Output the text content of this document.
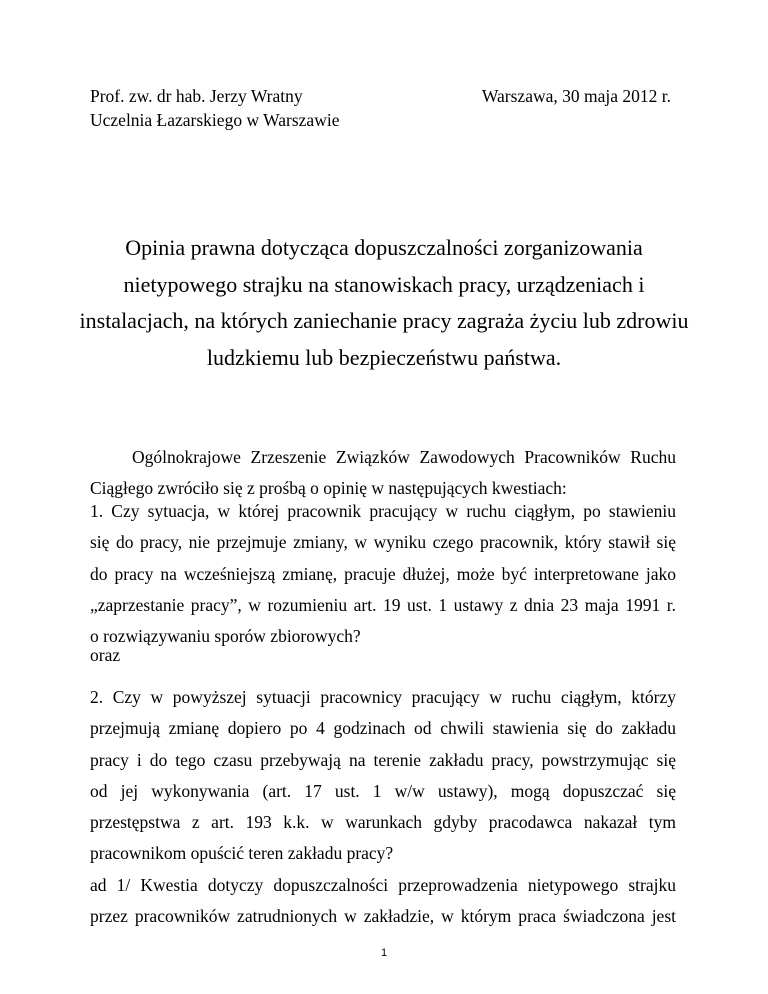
Prof. zw. dr hab. Jerzy Wratny	Warszawa, 30 maja 2012 r.
Uczelnia Łazarskiego w Warszawie
Opinia prawna dotycząca dopuszczalności zorganizowania
nietypowego strajku na stanowiskach pracy, urządzeniach i
instalacjach, na których zaniechanie pracy zagraża życiu lub zdrowiu
ludzkiemu lub bezpieczeństwu państwa.
Ogólnokrajowe Zrzeszenie Związków Zawodowych Pracowników Ruchu
Ciągłego zwróciło się z prośbą o opinię w następujących kwestiach:
1. Czy sytuacja, w której pracownik pracujący w ruchu ciągłym, po stawieniu
się do pracy, nie przejmuje zmiany, w wyniku czego pracownik, który stawił się
do pracy na wcześniejszą zmianę, pracuje dłużej, może być interpretowane jako
„zaprzestanie pracy”, w rozumieniu art. 19 ust. 1 ustawy z dnia 23 maja 1991 r.
o rozwiązywaniu sporów zbiorowych?
oraz
2. Czy w powyższej sytuacji pracownicy pracujący w ruchu ciągłym, którzy
przejmują zmianę dopiero po 4 godzinach od chwili stawienia się do zakładu
pracy i do tego czasu przebywają na terenie zakładu pracy, powstrzymując się
od jej wykonywania (art. 17 ust. 1 w/w ustawy), mogą dopuszczać się
przestępstwa z art. 193 k.k. w warunkach gdyby pracodawca nakazał tym
pracownikom opuścić teren zakładu pracy?
ad 1/ Kwestia dotyczy dopuszczalności przeprowadzenia nietypowego strajku
przez pracowników zatrudnionych w zakładzie, w którym praca świadczona jest
1
